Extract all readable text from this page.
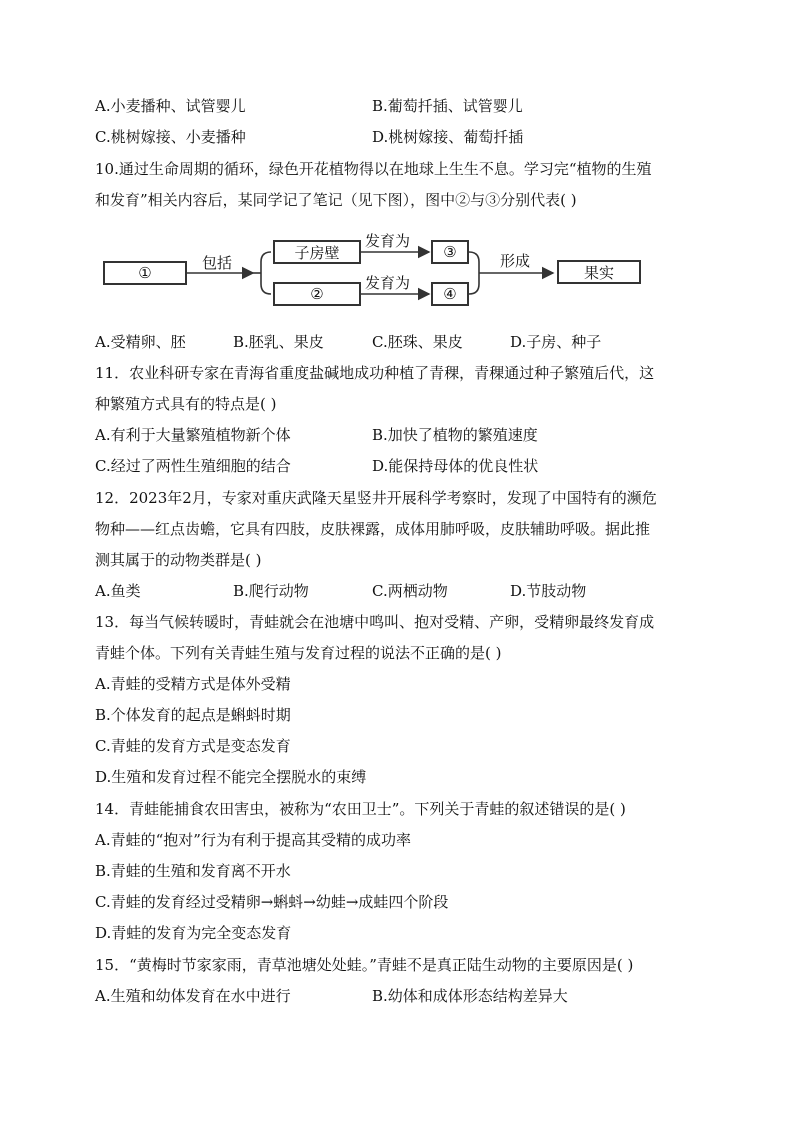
A.小麦播种、试管婴儿	B.葡萄扦插、试管婴儿
C.桃树嫁接、小麦播种	D.桃树嫁接、葡萄扦插
10.通过生命周期的循环，绿色开花植物得以在地球上生生不息。学习完“植物的生殖
和发育”相关内容后，某同学记了笔记（见下图），图中②与③分别代表( )
①
包括
子房壁
发育为
③
②
发育为
④
形成
果实
A.受精卵、胚	B.胚乳、果皮	C.胚珠、果皮	D.子房、种子
11．农业科研专家在青海省重度盐碱地成功种植了青稞，青稞通过种子繁殖后代，这
种繁殖方式具有的特点是( )
A.有利于大量繁殖植物新个体	B.加快了植物的繁殖速度
C.经过了两性生殖细胞的结合	D.能保持母体的优良性状
12．2023年2月，专家对重庆武隆天星竖井开展科学考察时，发现了中国特有的濒危
物种——红点齿蟾，它具有四肢，皮肤裸露，成体用肺呼吸，皮肤辅助呼吸。据此推
测其属于的动物类群是( )
A.鱼类	B.爬行动物	C.两栖动物	D.节肢动物
13．每当气候转暖时，青蛙就会在池塘中鸣叫、抱对受精、产卵，受精卵最终发育成
青蛙个体。下列有关青蛙生殖与发育过程的说法不正确的是( )
A.青蛙的受精方式是体外受精
B.个体发育的起点是蝌蚪时期
C.青蛙的发育方式是变态发育
D.生殖和发育过程不能完全摆脱水的束缚
14．青蛙能捕食农田害虫，被称为“农田卫士”。下列关于青蛙的叙述错误的是( )
A.青蛙的“抱对”行为有利于提高其受精的成功率
B.青蛙的生殖和发育离不开水
C.青蛙的发育经过受精卵→蝌蚪→幼蛙→成蛙四个阶段
D.青蛙的发育为完全变态发育
15．“黄梅时节家家雨，青草池塘处处蛙。”青蛙不是真正陆生动物的主要原因是( )
A.生殖和幼体发育在水中进行	B.幼体和成体形态结构差异大
